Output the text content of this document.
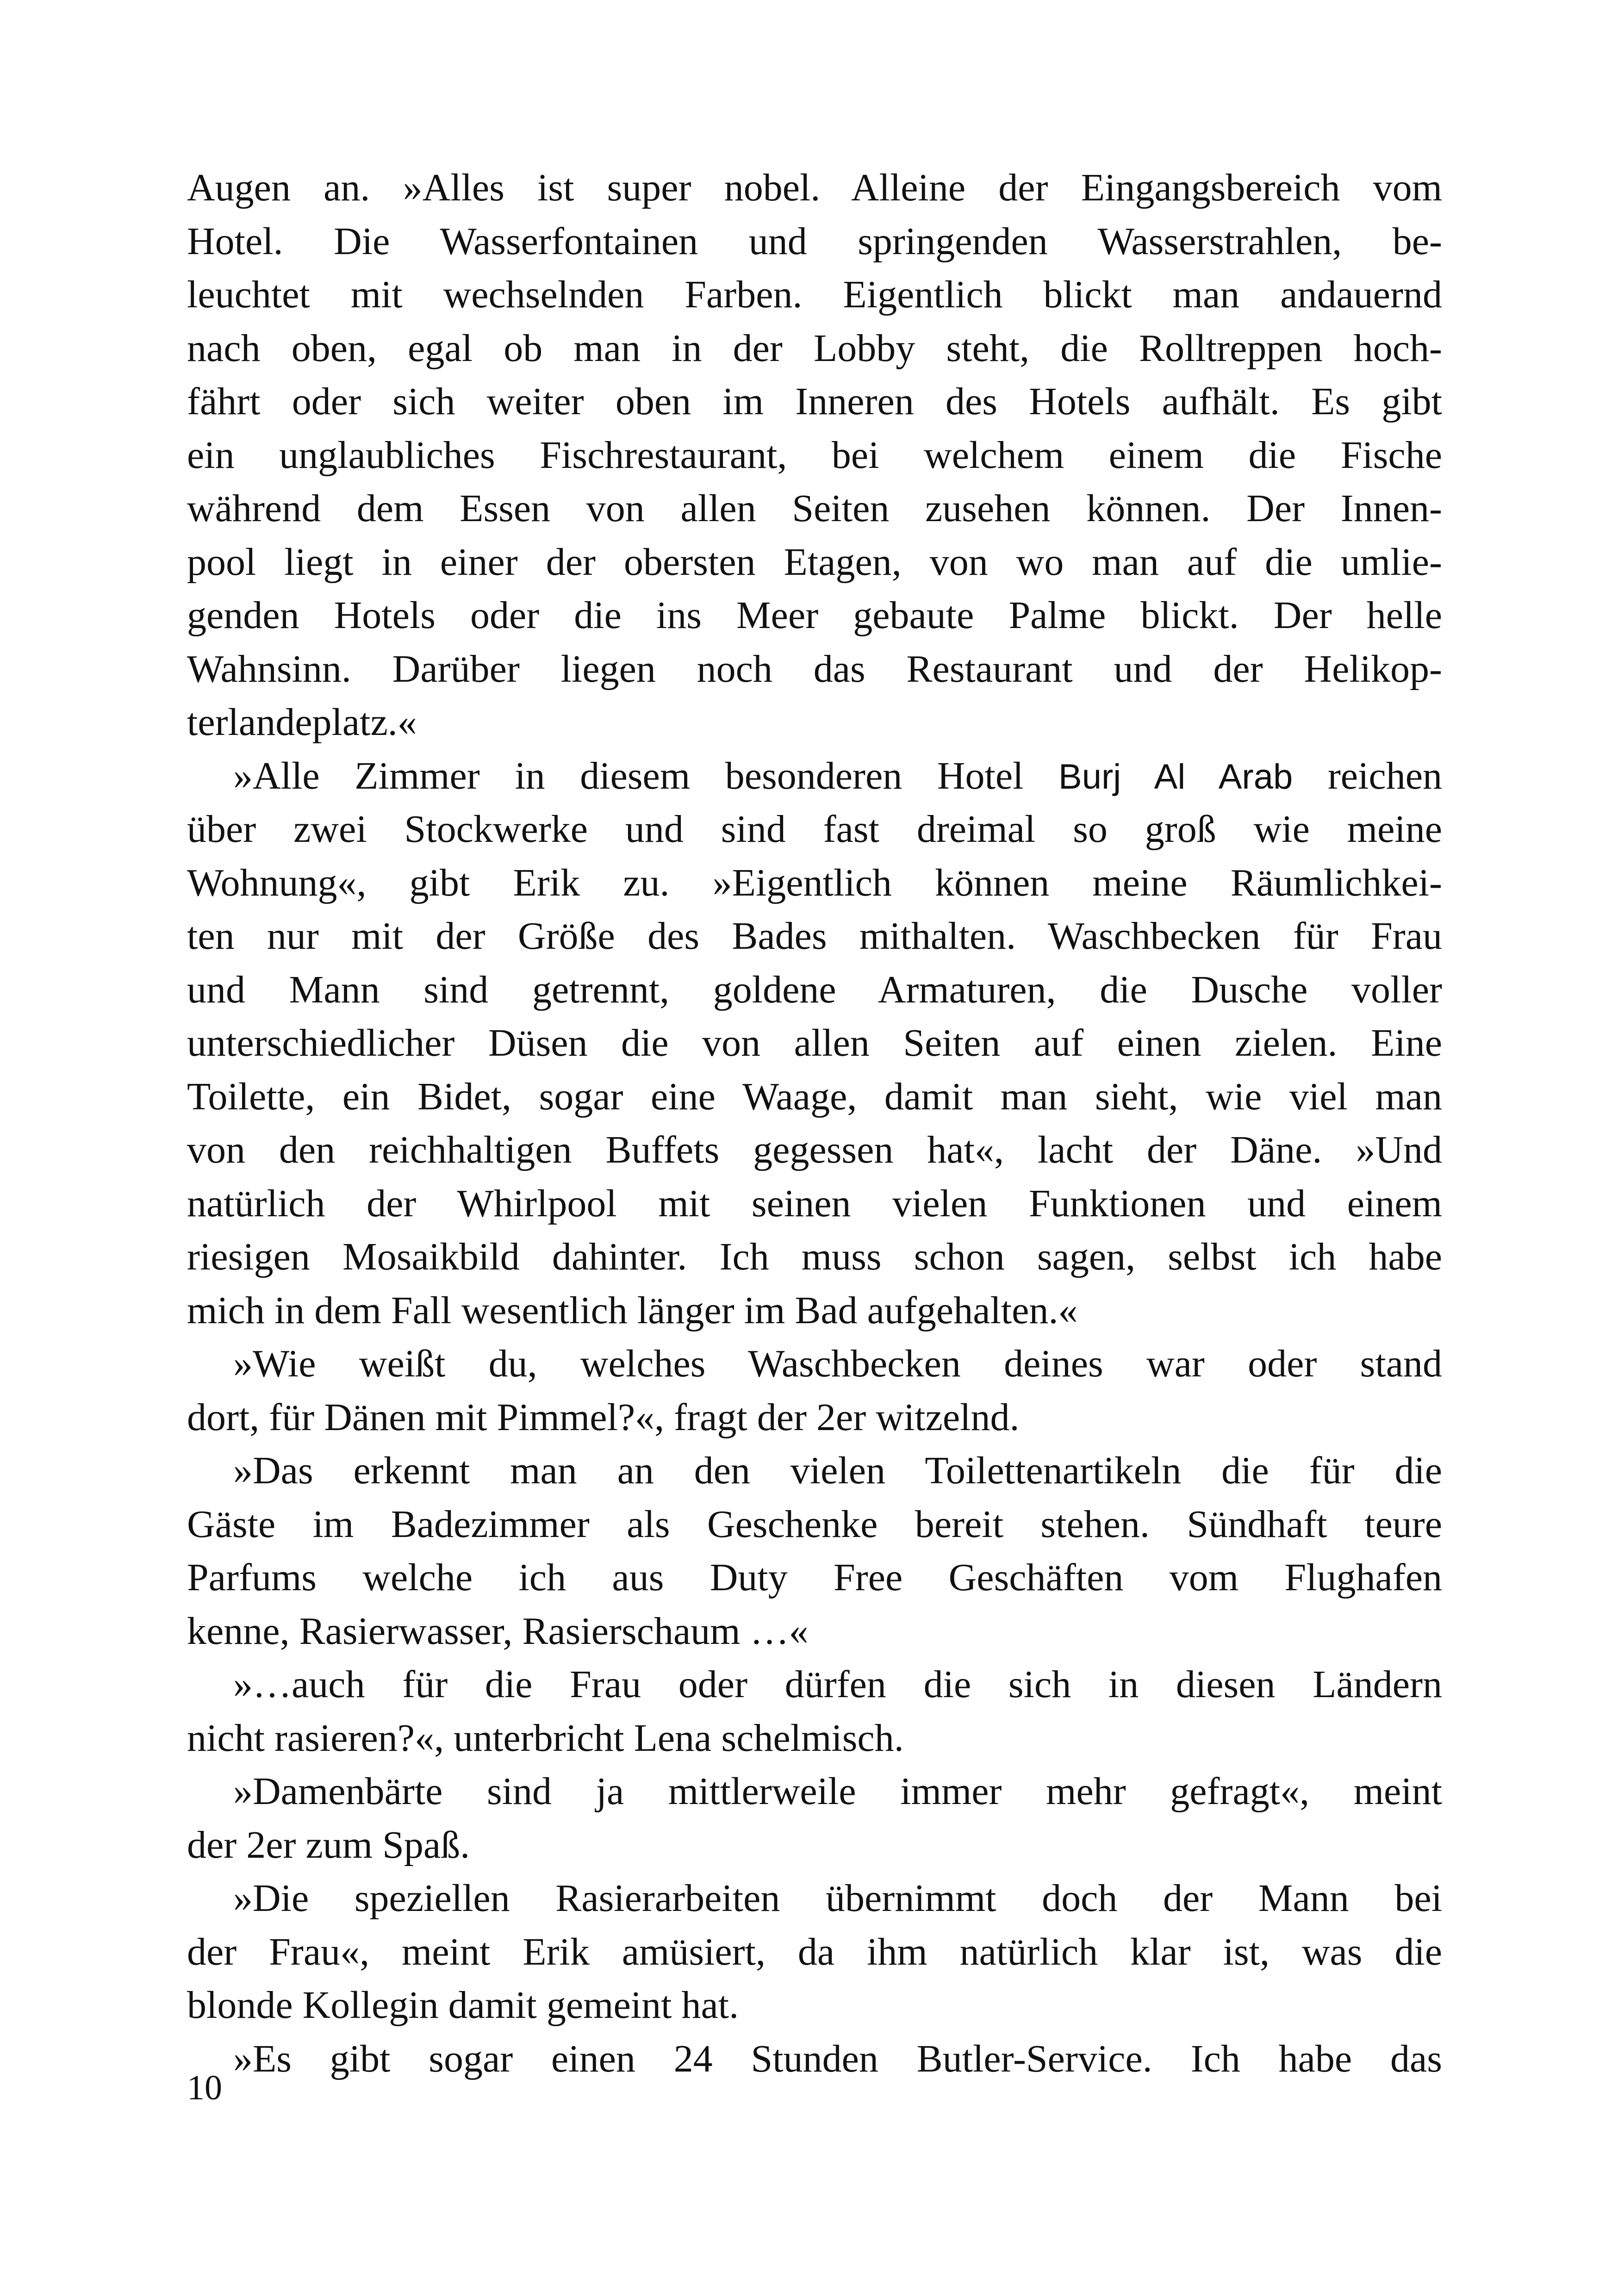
Augen an. »Alles ist super nobel. Alleine der Eingangsbereich vom
Hotel. Die Wasserfontainen und springenden Wasserstrahlen, be-
leuchtet mit wechselnden Farben. Eigentlich blickt man andauernd
nach oben, egal ob man in der Lobby steht, die Rolltreppen hoch-
fährt oder sich weiter oben im Inneren des Hotels aufhält. Es gibt
ein unglaubliches Fischrestaurant, bei welchem einem die Fische
während dem Essen von allen Seiten zusehen können. Der Innen-
pool liegt in einer der obersten Etagen, von wo man auf die umlie-
genden Hotels oder die ins Meer gebaute Palme blickt. Der helle
Wahnsinn. Darüber liegen noch das Restaurant und der Helikop-
terlandeplatz.«
»Alle Zimmer in diesem besonderen Hotel Burj Al Arab reichen
über zwei Stockwerke und sind fast dreimal so groß wie meine
Wohnung«, gibt Erik zu. »Eigentlich können meine Räumlichkei-
ten nur mit der Größe des Bades mithalten. Waschbecken für Frau
und Mann sind getrennt, goldene Armaturen, die Dusche voller
unterschiedlicher Düsen die von allen Seiten auf einen zielen. Eine
Toilette, ein Bidet, sogar eine Waage, damit man sieht, wie viel man
von den reichhaltigen Buffets gegessen hat«, lacht der Däne. »Und
natürlich der Whirlpool mit seinen vielen Funktionen und einem
riesigen Mosaikbild dahinter. Ich muss schon sagen, selbst ich habe
mich in dem Fall wesentlich länger im Bad aufgehalten.«
»Wie weißt du, welches Waschbecken deines war oder stand
dort, für Dänen mit Pimmel?«, fragt der 2er witzelnd.
»Das erkennt man an den vielen Toilettenartikeln die für die
Gäste im Badezimmer als Geschenke bereit stehen. Sündhaft teure
Parfums welche ich aus Duty Free Geschäften vom Flughafen
kenne, Rasierwasser, Rasierschaum …«
»…auch für die Frau oder dürfen die sich in diesen Ländern
nicht rasieren?«, unterbricht Lena schelmisch.
»Damenbärte sind ja mittlerweile immer mehr gefragt«, meint
der 2er zum Spaß.
»Die speziellen Rasierarbeiten übernimmt doch der Mann bei
der Frau«, meint Erik amüsiert, da ihm natürlich klar ist, was die
blonde Kollegin damit gemeint hat.
»Es gibt sogar einen 24 Stunden Butler-Service. Ich habe das
10
